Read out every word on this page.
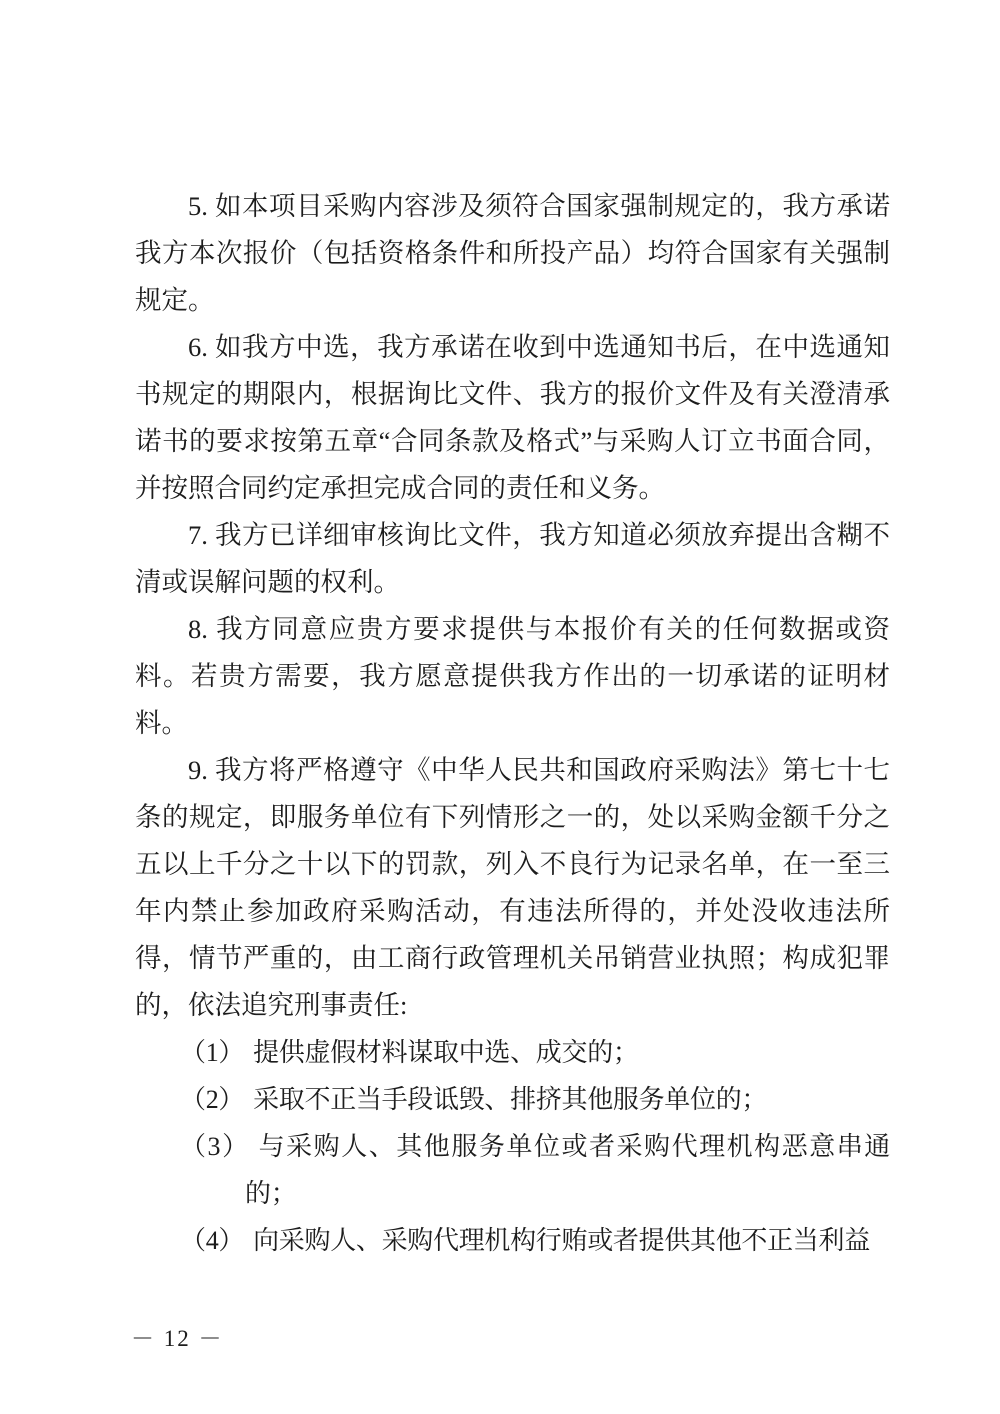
5. 如本项目采购内容涉及须符合国家强制规定的，我方承诺我方本次报价（包括资格条件和所投产品）均符合国家有关强制规定。

6. 如我方中选，我方承诺在收到中选通知书后，在中选通知书规定的期限内，根据询比文件、我方的报价文件及有关澄清承诺书的要求按第五章“合同条款及格式”与采购人订立书面合同，并按照合同约定承担完成合同的责任和义务。

7. 我方已详细审核询比文件，我方知道必须放弃提出含糊不清或误解问题的权利。

8. 我方同意应贵方要求提供与本报价有关的任何数据或资料。若贵方需要，我方愿意提供我方作出的一切承诺的证明材料。

9. 我方将严格遵守《中华人民共和国政府采购法》第七十七条的规定，即服务单位有下列情形之一的，处以采购金额千分之五以上千分之十以下的罚款，列入不良行为记录名单，在一至三年内禁止参加政府采购活动，有违法所得的，并处没收违法所得，情节严重的，由工商行政管理机关吊销营业执照；构成犯罪的，依法追究刑事责任:

（1） 提供虚假材料谋取中选、成交的；
（2） 采取不正当手段诋毁、排挤其他服务单位的；
（3） 与采购人、其他服务单位或者采购代理机构恶意串通的；
（4） 向采购人、采购代理机构行贿或者提供其他不正当利益
－ 12 －
